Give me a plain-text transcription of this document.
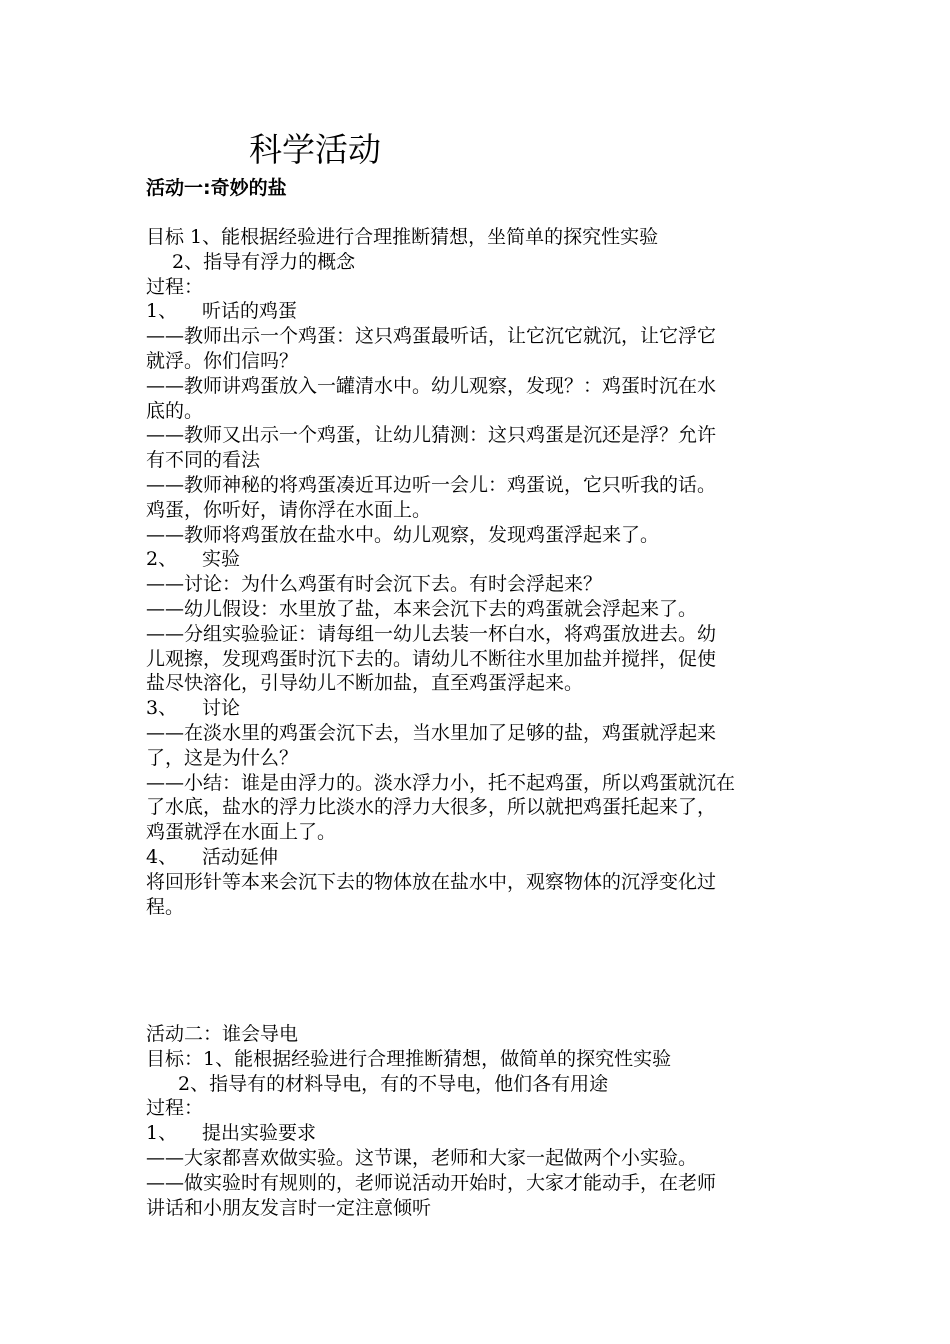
科学活动
活动一:奇妙的盐
目标 1、能根据经验进行合理推断猜想，坐简单的探究性实验
2、指导有浮力的概念
过程：
1、 听话的鸡蛋
——教师出示一个鸡蛋：这只鸡蛋最听话，让它沉它就沉，让它浮它
就浮。你们信吗？
——教师讲鸡蛋放入一罐清水中。幼儿观察，发现？：鸡蛋时沉在水
底的。
——教师又出示一个鸡蛋，让幼儿猜测：这只鸡蛋是沉还是浮？允许
有不同的看法
——教师神秘的将鸡蛋凑近耳边听一会儿：鸡蛋说，它只听我的话。
鸡蛋，你听好，请你浮在水面上。
——教师将鸡蛋放在盐水中。幼儿观察，发现鸡蛋浮起来了。
2、 实验
——讨论：为什么鸡蛋有时会沉下去。有时会浮起来？
——幼儿假设：水里放了盐，本来会沉下去的鸡蛋就会浮起来了。
——分组实验验证：请每组一幼儿去装一杯白水，将鸡蛋放进去。幼
儿观擦，发现鸡蛋时沉下去的。请幼儿不断往水里加盐并搅拌，促使
盐尽快溶化，引导幼儿不断加盐，直至鸡蛋浮起来。
3、 讨论
——在淡水里的鸡蛋会沉下去，当水里加了足够的盐，鸡蛋就浮起来
了，这是为什么？
——小结：谁是由浮力的。淡水浮力小，托不起鸡蛋，所以鸡蛋就沉在
了水底，盐水的浮力比淡水的浮力大很多，所以就把鸡蛋托起来了，
鸡蛋就浮在水面上了。
4、 活动延伸
将回形针等本来会沉下去的物体放在盐水中，观察物体的沉浮变化过
程。
活动二：谁会导电
目标：1、能根据经验进行合理推断猜想，做简单的探究性实验
2、指导有的材料导电，有的不导电，他们各有用途
过程：
1、 提出实验要求
——大家都喜欢做实验。这节课，老师和大家一起做两个小实验。
——做实验时有规则的，老师说活动开始时，大家才能动手，在老师
讲话和小朋友发言时一定注意倾听
